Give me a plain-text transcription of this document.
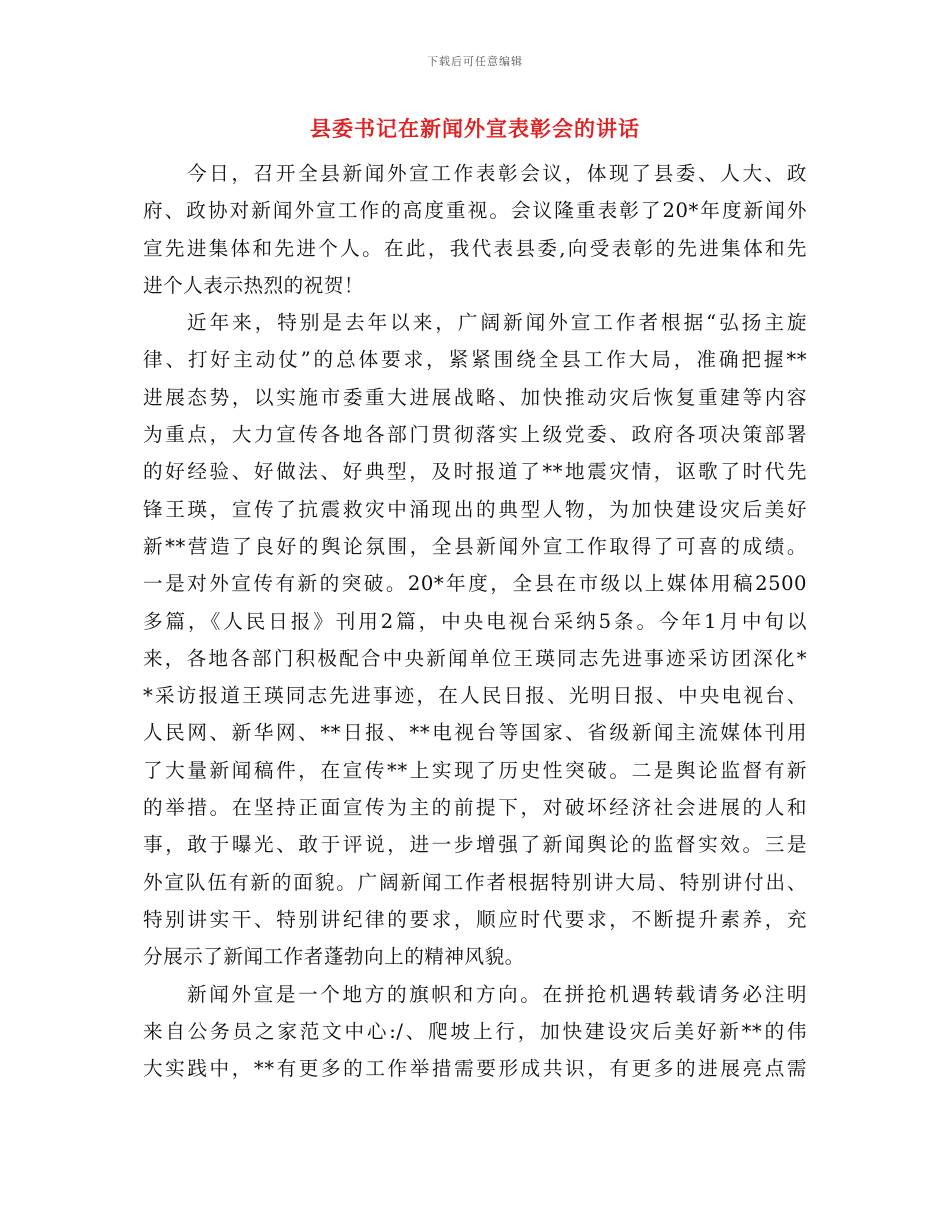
下载后可任意编辑
县委书记在新闻外宣表彰会的讲话
今日，召开全县新闻外宣工作表彰会议，体现了县委、人大、政
府、政协对新闻外宣工作的高度重视。会议隆重表彰了20*年度新闻外
宣先进集体和先进个人。在此，我代表县委,向受表彰的先进集体和先
进个人表示热烈的祝贺！
近年来，特别是去年以来，广阔新闻外宣工作者根据“弘扬主旋
律、打好主动仗”的总体要求，紧紧围绕全县工作大局，准确把握**
进展态势，以实施市委重大进展战略、加快推动灾后恢复重建等内容
为重点，大力宣传各地各部门贯彻落实上级党委、政府各项决策部署
的好经验、好做法、好典型，及时报道了**地震灾情，讴歌了时代先
锋王瑛，宣传了抗震救灾中涌现出的典型人物，为加快建设灾后美好
新**营造了良好的舆论氛围，全县新闻外宣工作取得了可喜的成绩。
一是对外宣传有新的突破。20*年度，全县在市级以上媒体用稿2500
多篇，《人民日报》刊用2篇，中央电视台采纳5条。今年1月中旬以
来，各地各部门积极配合中央新闻单位王瑛同志先进事迹采访团深化*
*采访报道王瑛同志先进事迹，在人民日报、光明日报、中央电视台、
人民网、新华网、**日报、**电视台等国家、省级新闻主流媒体刊用
了大量新闻稿件，在宣传**上实现了历史性突破。二是舆论监督有新
的举措。在坚持正面宣传为主的前提下，对破坏经济社会进展的人和
事，敢于曝光、敢于评说，进一步增强了新闻舆论的监督实效。三是
外宣队伍有新的面貌。广阔新闻工作者根据特别讲大局、特别讲付出、
特别讲实干、特别讲纪律的要求，顺应时代要求，不断提升素养，充
分展示了新闻工作者蓬勃向上的精神风貌。
新闻外宣是一个地方的旗帜和方向。在拼抢机遇转载请务必注明
来自公务员之家范文中心:/、爬坡上行，加快建设灾后美好新**的伟
大实践中，**有更多的工作举措需要形成共识，有更多的进展亮点需
